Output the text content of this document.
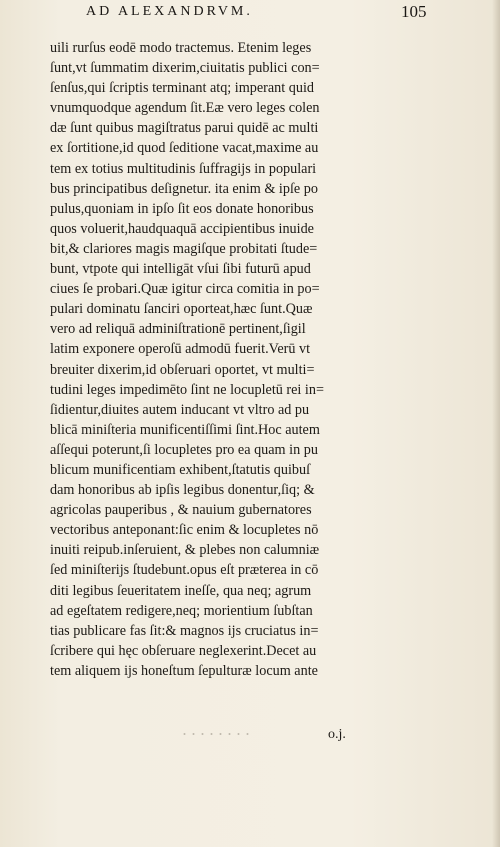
AD ALEXANDRVM.	105
uili rurſus eodē modo tractemus. Etenim leges
ſunt,vt ſummatim dixerim,ciuitatis publici con=
ſenſus,qui ſcriptis terminant atq; imperant quid
vnumquodque agendum ſit.Eæ vero leges colen
dæ ſunt quibus magiſtratus parui quidē ac multi
ex ſortitione,id quod ſeditione vacat,maxime au
tem ex totius multitudinis ſuffragijs in populari
bus principatibus deſignetur. ita enim & ipſe po
pulus,quoniam in ipſo ſit eos donate honoribus
quos voluerit,haudquaquā accipientibus inuide
bit,& clariores magis magiſque probitati ſtude=
bunt, vtpote qui intelligāt vſui ſibi futurū apud
ciues ſe probari.Quæ igitur circa comitia in po=
pulari dominatu ſanciri oporteat,hæc ſunt.Quæ
vero ad reliquā adminiſtrationē pertinent,ſigil
latim exponere operoſū admodū fuerit.Verū vt
breuiter dixerim,id obſeruari oportet, vt multi=
tudini leges impedimēto ſint ne locupletū rei in=
ſidientur,diuites autem inducant vt vltro ad pu
blicā miniſteria munificentiſſimi ſint.Hoc autem
aſſequi poterunt,ſi locupletes pro ea quam in pu
blicum munificentiam exhibent,ſtatutis quibuſ
dam honoribus ab ipſis legibus donentur,ſiq; &
agricolas pauperibus , & nauium gubernatores
vectoribus anteponant:ſic enim & locupletes nō
inuiti reipub.inſeruient, & plebes non calumniæ
ſed miniſterijs ſtudebunt.opus eſt præterea in cō
diti legibus ſeueritatem ineſſe, qua neq; agrum
ad egeſtatem redigere,neq; morientium ſubſtan
tias publicare fas ſit:& magnos ijs cruciatus in=
ſcribere qui hęc obſeruare neglexerint.Decet au
tem aliquem ijs honeſtum ſepulturæ locum ante
o.j.
